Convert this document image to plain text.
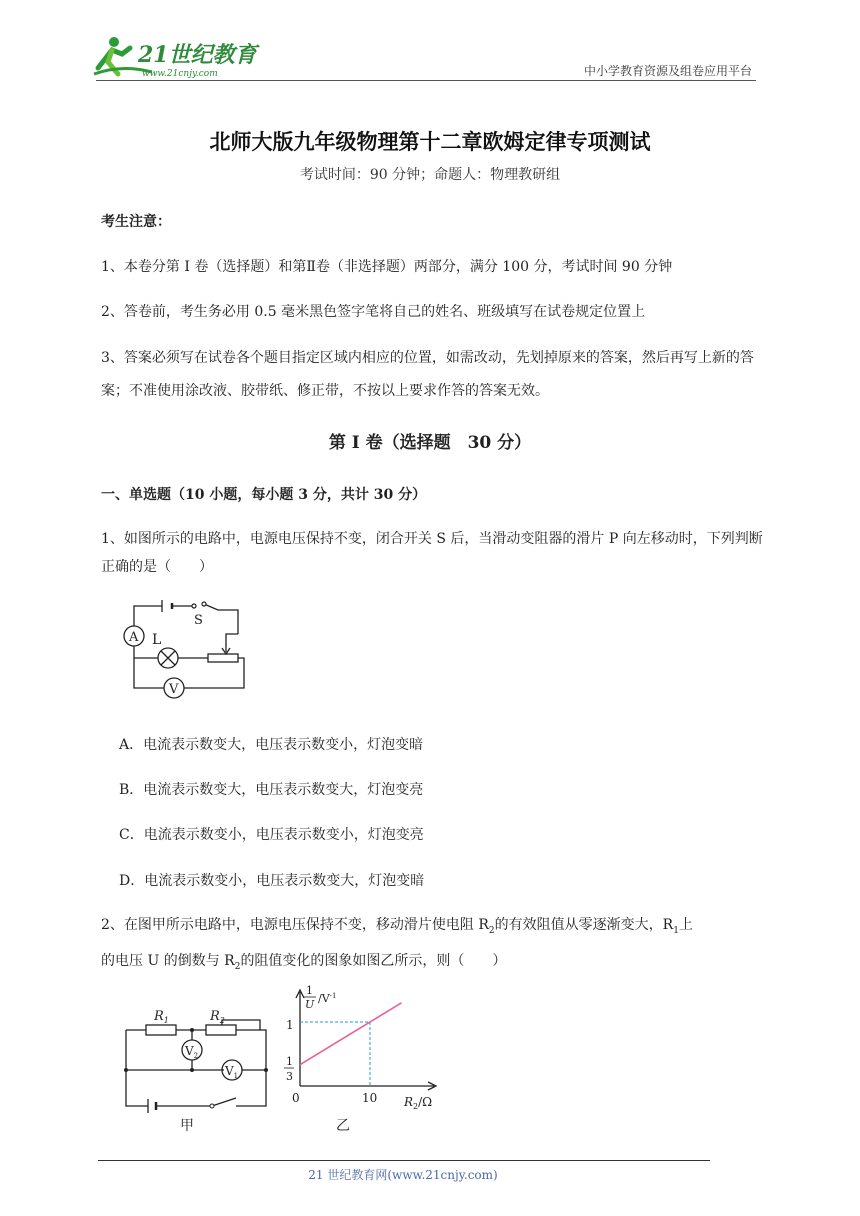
21世纪教育
www.21cnjy.com	中小学教育资源及组卷应用平台
北师大版九年级物理第十二章欧姆定律专项测试
考试时间：90 分钟；命题人：物理教研组
考生注意：
1、本卷分第 I 卷（选择题）和第Ⅱ卷（非选择题）两部分，满分 100 分，考试时间 90 分钟
2、答卷前，考生务必用 0.5 毫米黑色签字笔将自己的姓名、班级填写在试卷规定位置上
3、答案必须写在试卷各个题目指定区域内相应的位置，如需改动，先划掉原来的答案，然后再写上新的答案；不准使用涂改液、胶带纸、修正带，不按以上要求作答的答案无效。
第 I 卷（选择题　30 分）
一、单选题（10 小题，每小题 3 分，共计 30 分）
1、如图所示的电路中，电源电压保持不变，闭合开关 S 后，当滑动变阻器的滑片 P 向左移动时，下列判断正确的是（　　）
A L
S
V
A．电流表示数变大，电压表示数变小，灯泡变暗
B．电流表示数变大，电压表示数变大，灯泡变亮
C．电流表示数变小，电压表示数变小，灯泡变亮
D．电流表示数变小，电压表示数变大，灯泡变暗
2、在图甲所示电路中，电源电压保持不变，移动滑片使电阻 $R_2$的有效阻值从零逐渐变大，$R_1$上
的电压 U 的倒数与 $R_2$的阻值变化的图象如图乙所示，则（　　）
$R_1$	$R_2$
$V_2$
$V_1$
甲
1
U $/V^{-1}$
1
1
3
0	10 $R_2/\Omega$
乙
21 世纪教育网(www.21cnjy.com)
